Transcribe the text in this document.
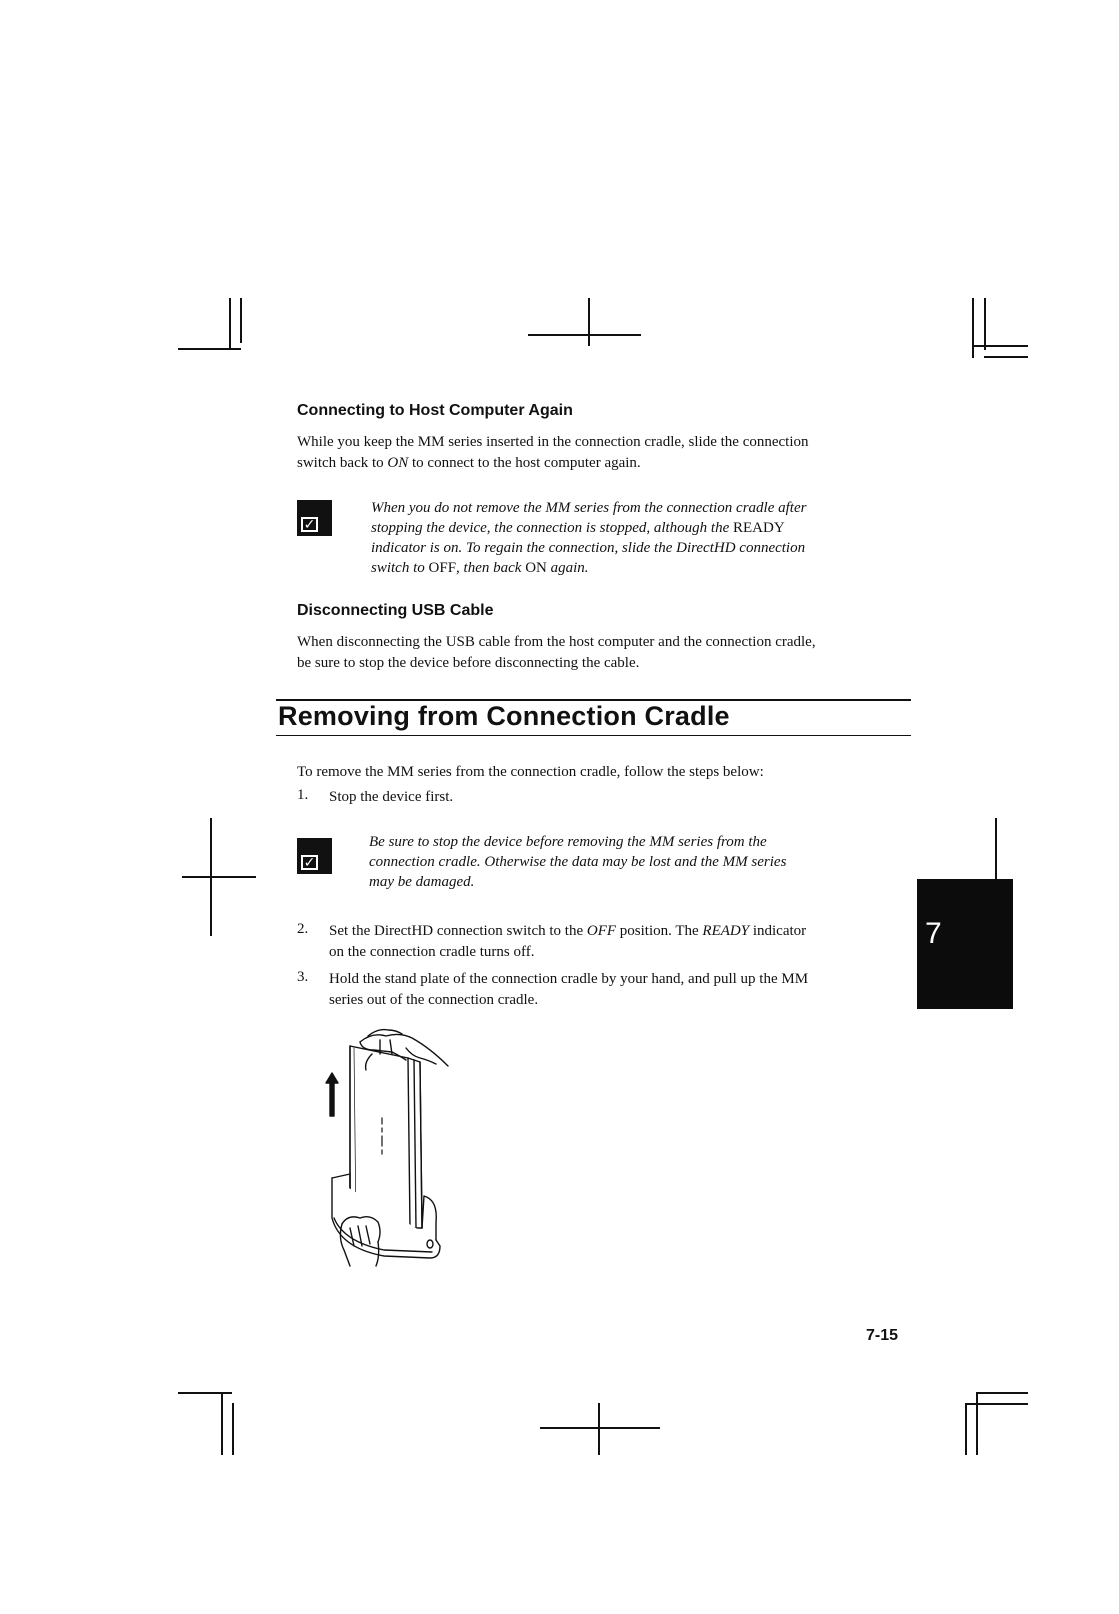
Connecting to Host Computer Again
While you keep the MM series inserted in the connection cradle, slide the connection
switch back to ON to connect to the host computer again.
✓
When you do not remove the MM series from the connection cradle after
stopping the device, the connection is stopped, although the READY
indicator is on. To regain the connection, slide the DirectHD connection
switch to OFF, then back ON again.
Disconnecting USB Cable
When disconnecting the USB cable from the host computer and the connection cradle,
be sure to stop the device before disconnecting the cable.
Removing from Connection Cradle
To remove the MM series from the connection cradle, follow the steps below:
1. Stop the device first.
✓
Be sure to stop the device before removing the MM series from the
connection cradle. Otherwise the data may be lost and the MM series
may be damaged.
2. Set the DirectHD connection switch to the OFF position. The READY indicator
on the connection cradle turns off.
3. Hold the stand plate of the connection cradle by your hand, and pull up the MM
series out of the connection cradle.
7
7-15
